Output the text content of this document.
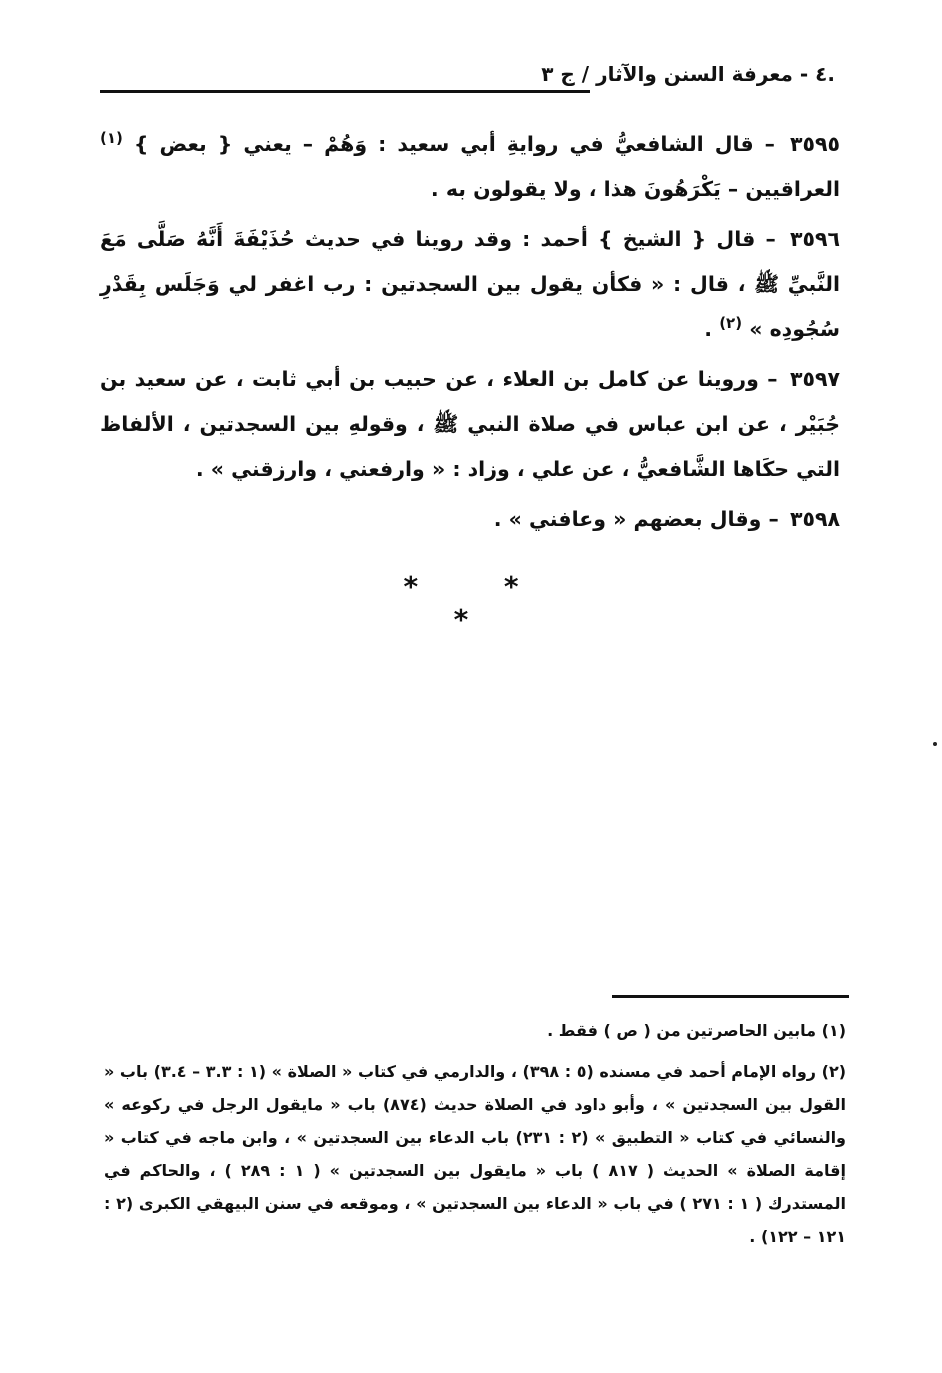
.٤ - معرفة السنن والآثار / ج ٣

٣٥٩٥ – قال الشافعيُّ في روايةِ أبي سعيد : وَهُمْ – يعني { بعض } $^{(١)}$ العراقيين – يَكْرَهُونَ هذا ، ولا يقولون به .

٣٥٩٦ – قال { الشيخ } أحمد : وقد روينا في حديث حُذَيْفَةَ أَنَّهُ صَلَّى مَعَ النَّبيِّ ﷺ ، قال : « فكأن يقول بين السجدتين : رب اغفر لي وَجَلَس بِقَدْرِ سُجُودِه » $^{(٢)}$ .

٣٥٩٧ – وروينا عن كامل بن العلاء ، عن حبيب بن أبي ثابت ، عن سعيد بن جُبَيْر ، عن ابن عباس في صلاة النبي ﷺ ، وقولهِ بين السجدتين ، الألفاظ التي حكَاها الشَّافعيُّ ، عن علي ، وزاد : « وارفعني ، وارزقني » .

٣٥٩٨ – وقال بعضهم « وعافني » .

* * *

(١) مابين الحاصرتين من ( ص ) فقط .

(٢) رواه الإمام أحمد في مسنده (٥ : ٣٩٨) ، والدارمي في كتاب « الصلاة » (١ : ٣.٣ – ٣.٤) باب « القول بين السجدتين » ، وأبو داود في الصلاة حديث (٨٧٤) باب « مايقول الرجل في ركوعه » والنسائي في كتاب « التطبيق » (٢ : ٢٣١) باب الدعاء بين السجدتين » ، وابن ماجه في كتاب « إقامة الصلاة » الحديث ( ٨١٧ ) باب « مايقول بين السجدتين » ( ١ : ٢٨٩ ) ، والحاكم في المستدرك ( ١ : ٢٧١ ) في باب « الدعاء بين السجدتين » ، وموقعه في سنن البيهقي الكبرى (٢ : ١٢١ – ١٢٢) .
